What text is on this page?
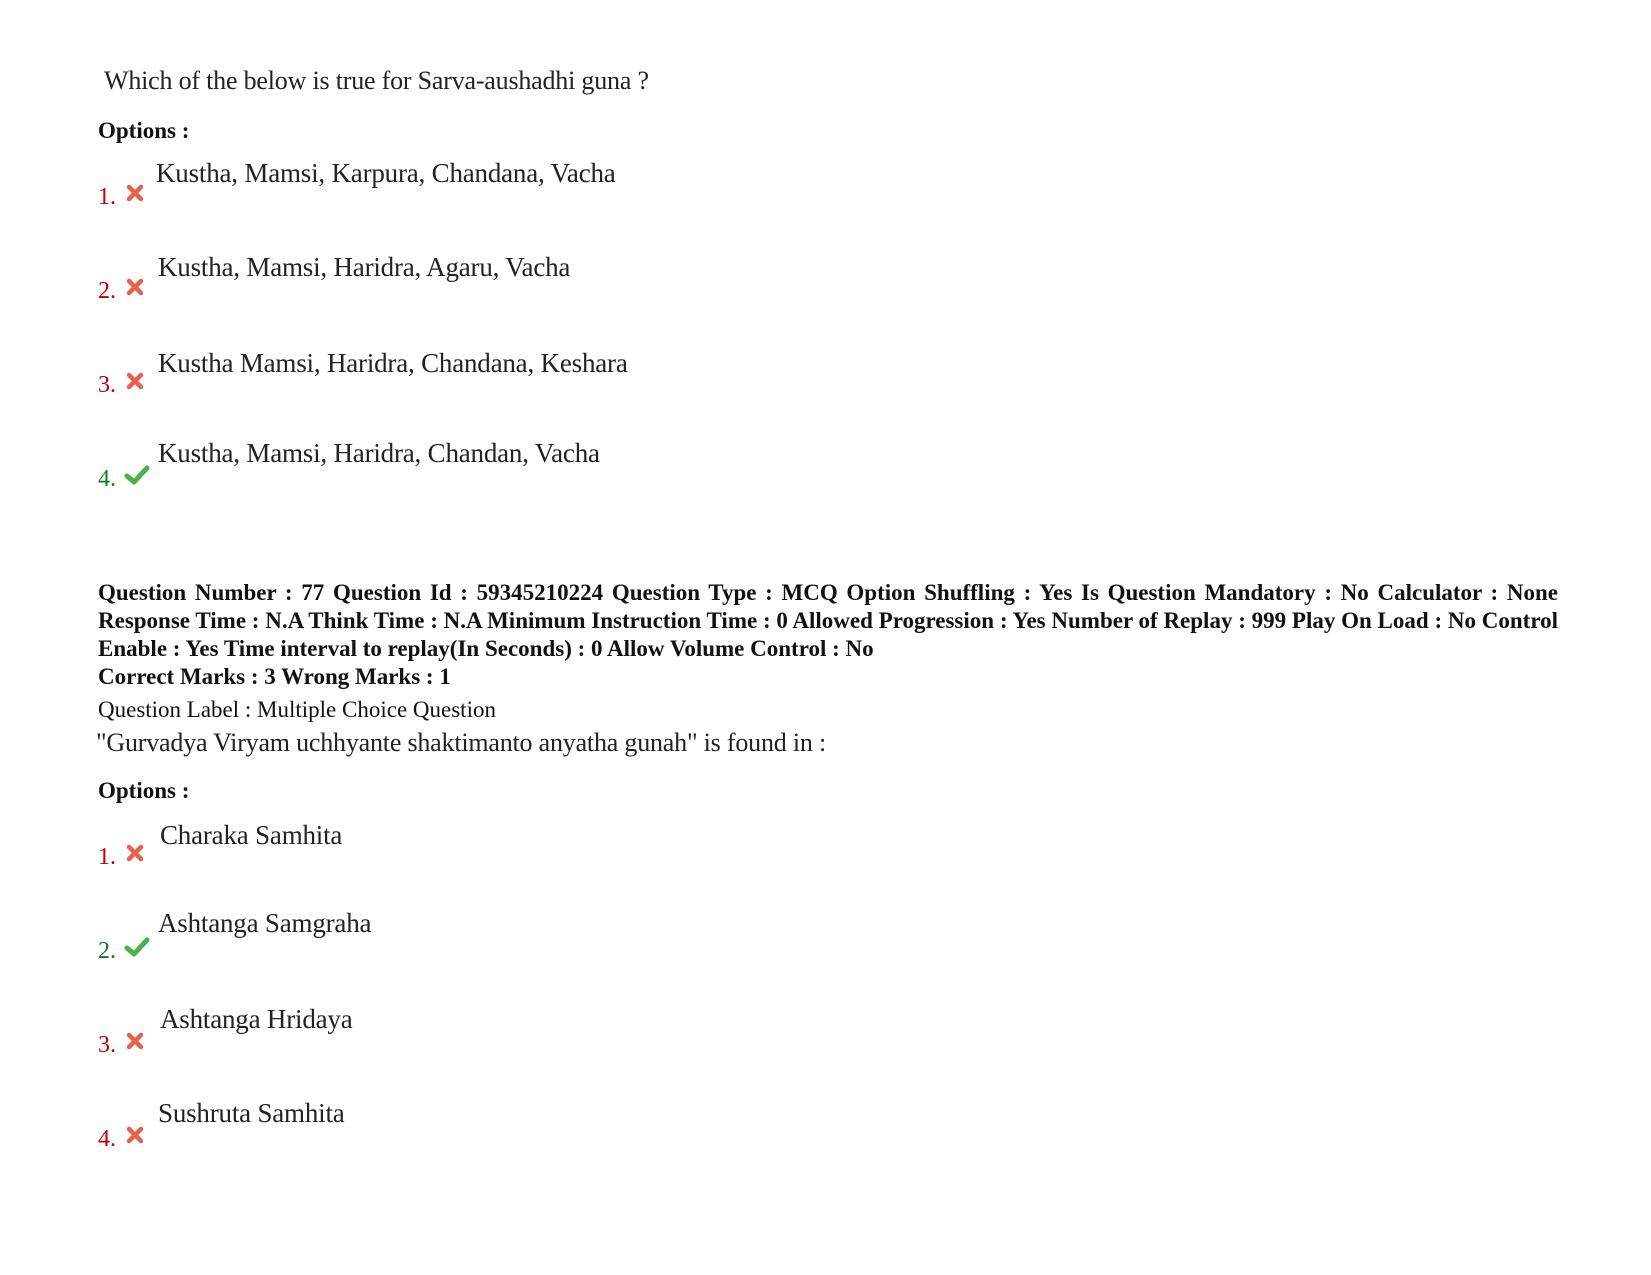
Which of the below is true for Sarva-aushadhi guna ?
Options :
1.
Kustha, Mamsi, Karpura, Chandana, Vacha
2.
Kustha, Mamsi, Haridra, Agaru, Vacha
3.
Kustha Mamsi, Haridra, Chandana, Keshara
4.
Kustha, Mamsi, Haridra, Chandan, Vacha
Question Number : 77 Question Id : 59345210224 Question Type : MCQ Option Shuffling : Yes Is Question Mandatory : No Calculator : None Response Time : N.A Think Time : N.A Minimum Instruction Time : 0 Allowed Progression : Yes Number of Replay : 999 Play On Load : No Control Enable : Yes Time interval to replay(In Seconds) : 0 Allow Volume Control : No
Correct Marks : 3 Wrong Marks : 1
Question Label : Multiple Choice Question
"Gurvadya Viryam uchhyante shaktimanto anyatha gunah" is found in :
Options :
1.
Charaka Samhita
2.
Ashtanga Samgraha
3.
Ashtanga Hridaya
4.
Sushruta Samhita
